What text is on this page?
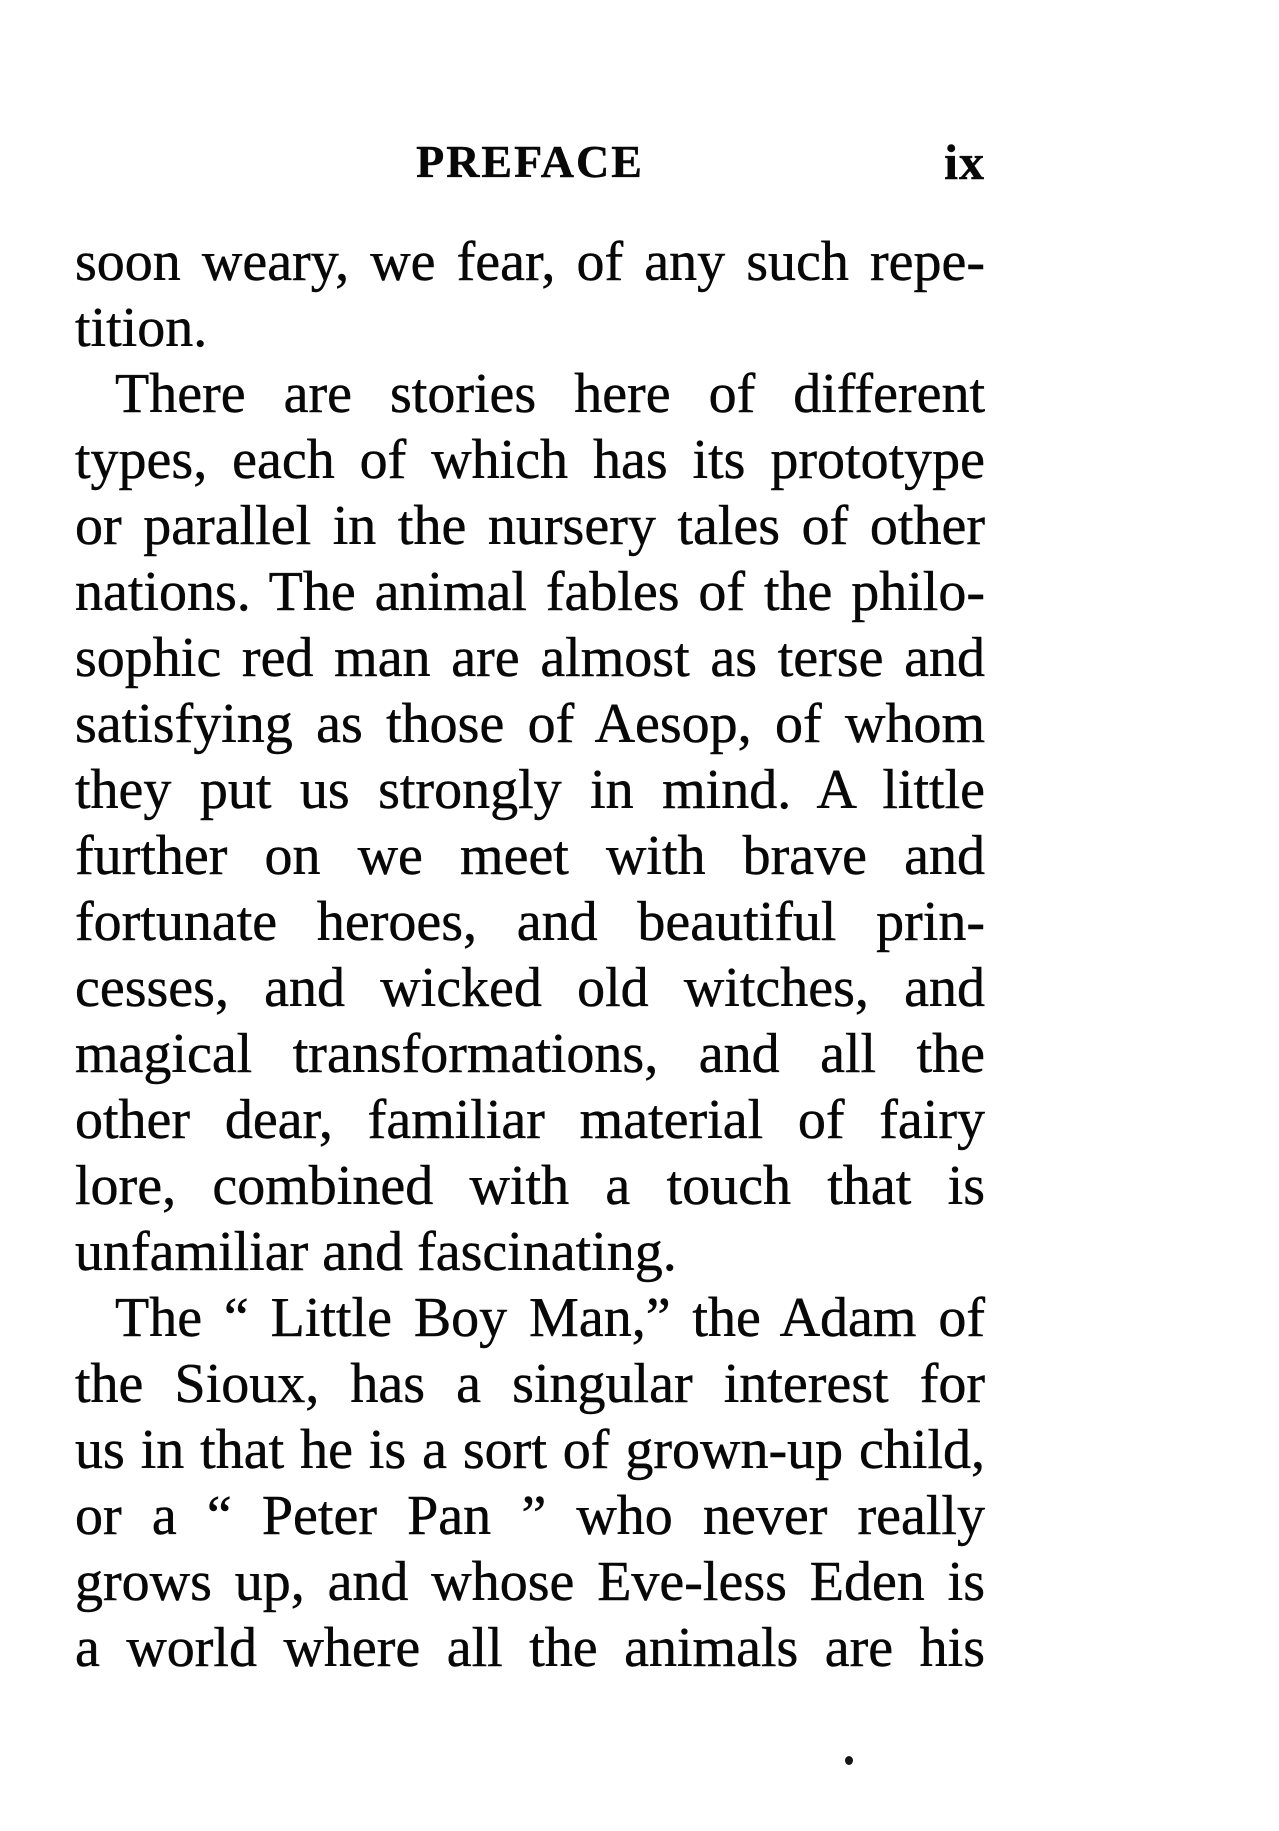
PREFACE	ix
soon weary, we fear, of any such repe-
tition.
There are stories here of different
types, each of which has its prototype
or parallel in the nursery tales of other
nations. The animal fables of the philo-
sophic red man are almost as terse and
satisfying as those of Aesop, of whom
they put us strongly in mind. A little
further on we meet with brave and
fortunate heroes, and beautiful prin-
cesses, and wicked old witches, and
magical transformations, and all the
other dear, familiar material of fairy
lore, combined with a touch that is
unfamiliar and fascinating.
The “ Little Boy Man,” the Adam of
the Sioux, has a singular interest for
us in that he is a sort of grown-up child,
or a “ Peter Pan ” who never really
grows up, and whose Eve-less Eden is
a world where all the animals are his
